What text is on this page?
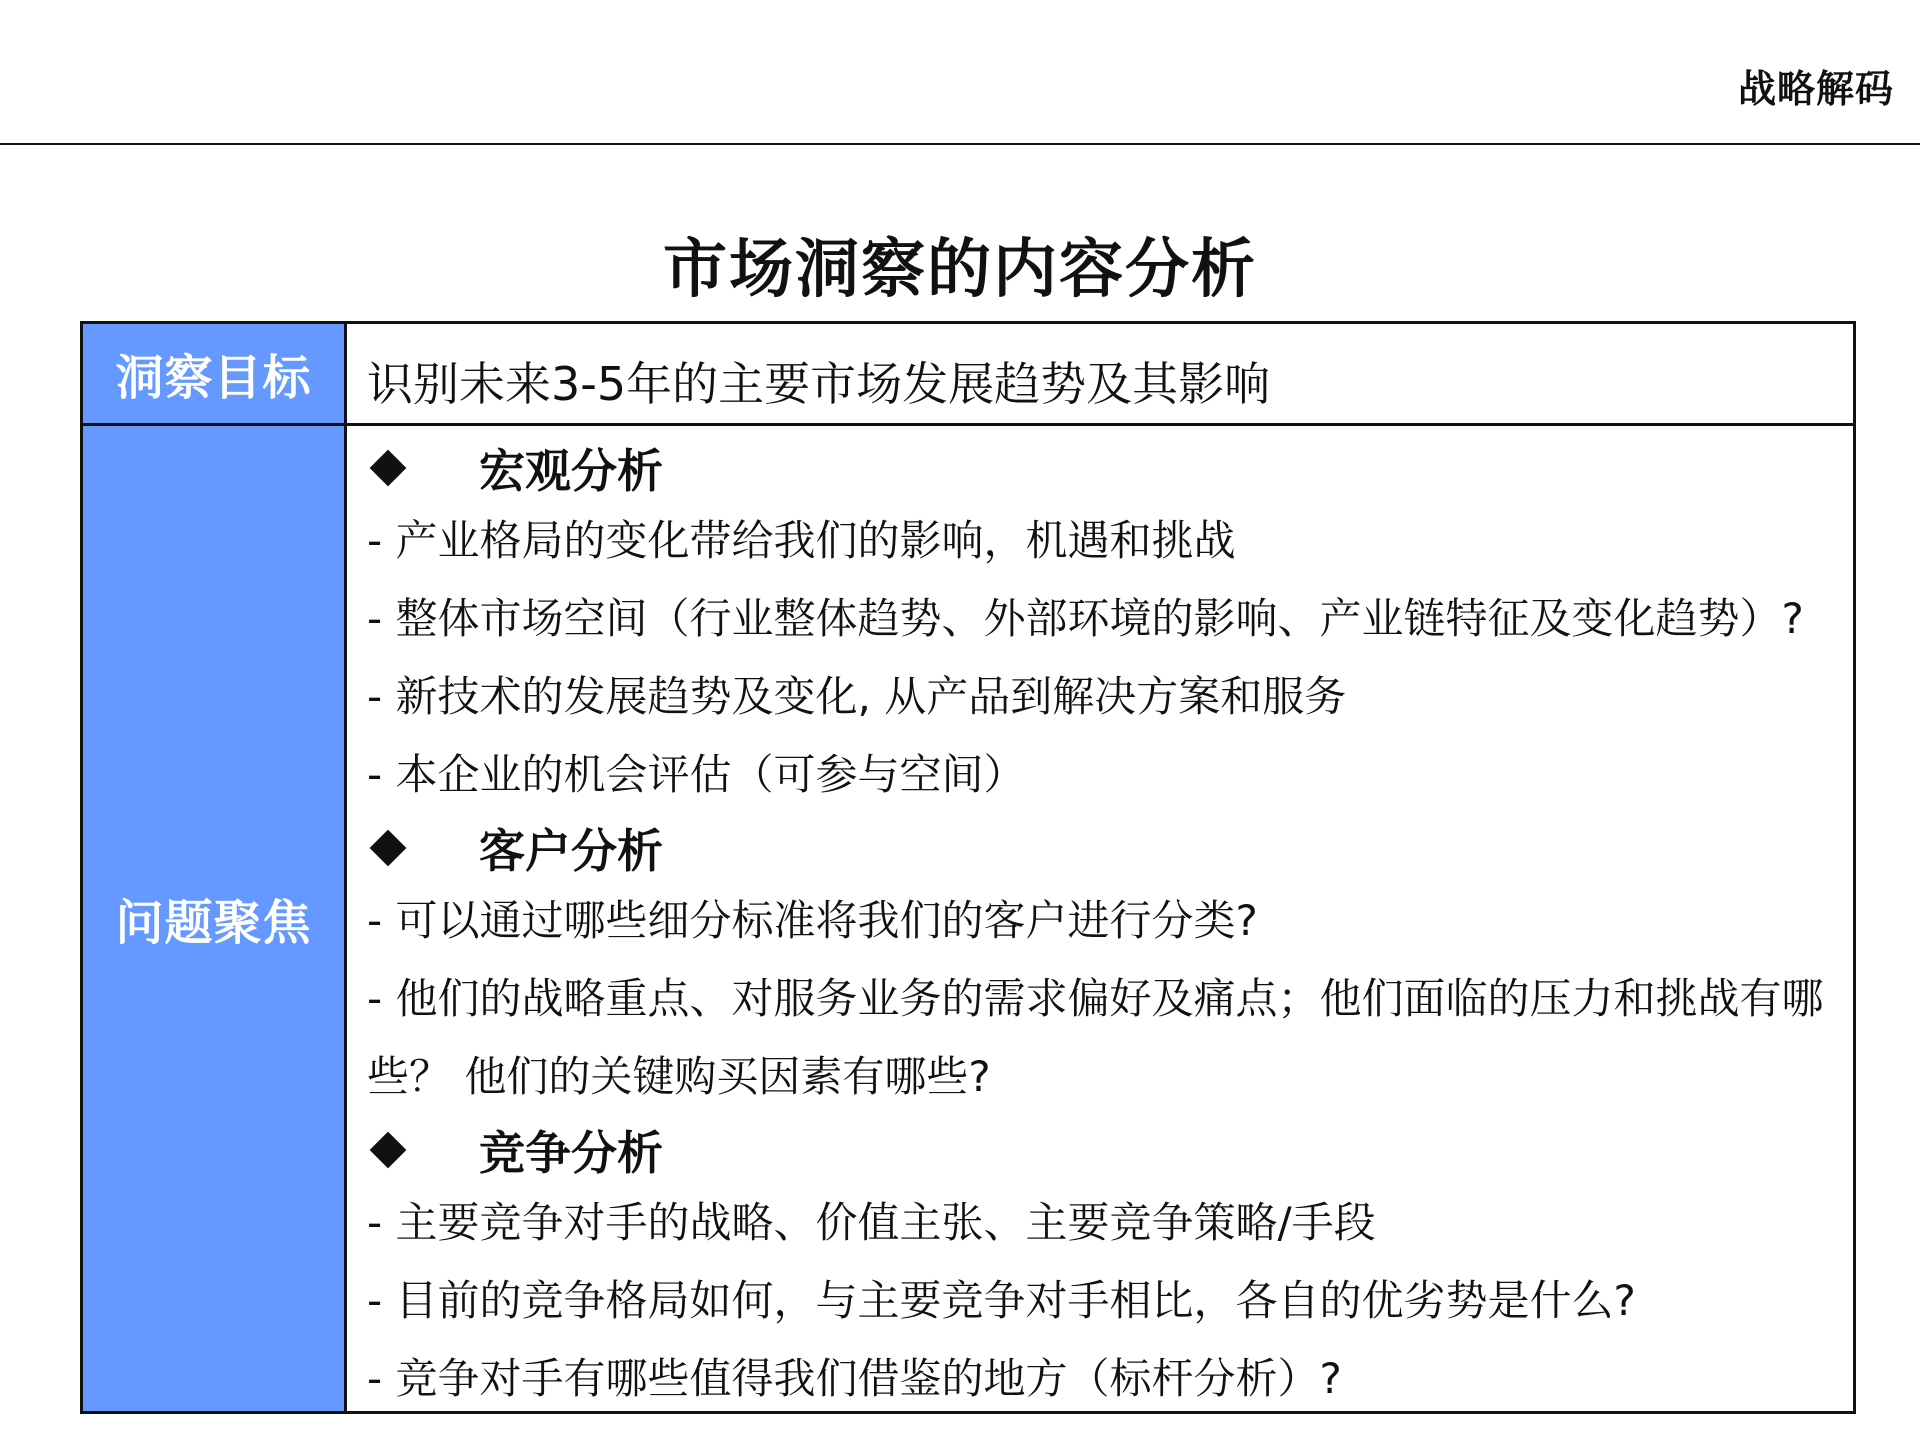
战略解码
市场洞察的内容分析
洞察目标 识别未来3-5年的主要市场发展趋势及其影响
问题聚焦
宏观分析
- 产业格局的变化带给我们的影响，机遇和挑战
- 整体市场空间（行业整体趋势、外部环境的影响、产业链特征及变化趋势）?
- 新技术的发展趋势及变化, 从产品到解决方案和服务
- 本企业的机会评估（可参与空间）
客户分析
- 可以通过哪些细分标准将我们的客户进行分类?
- 他们的战略重点、对服务业务的需求偏好及痛点；他们面临的压力和挑战有哪些？ 他们的关键购买因素有哪些?
竞争分析
- 主要竞争对手的战略、价值主张、主要竞争策略/手段
- 目前的竞争格局如何，与主要竞争对手相比，各自的优劣势是什么?
- 竞争对手有哪些值得我们借鉴的地方（标杆分析）?
